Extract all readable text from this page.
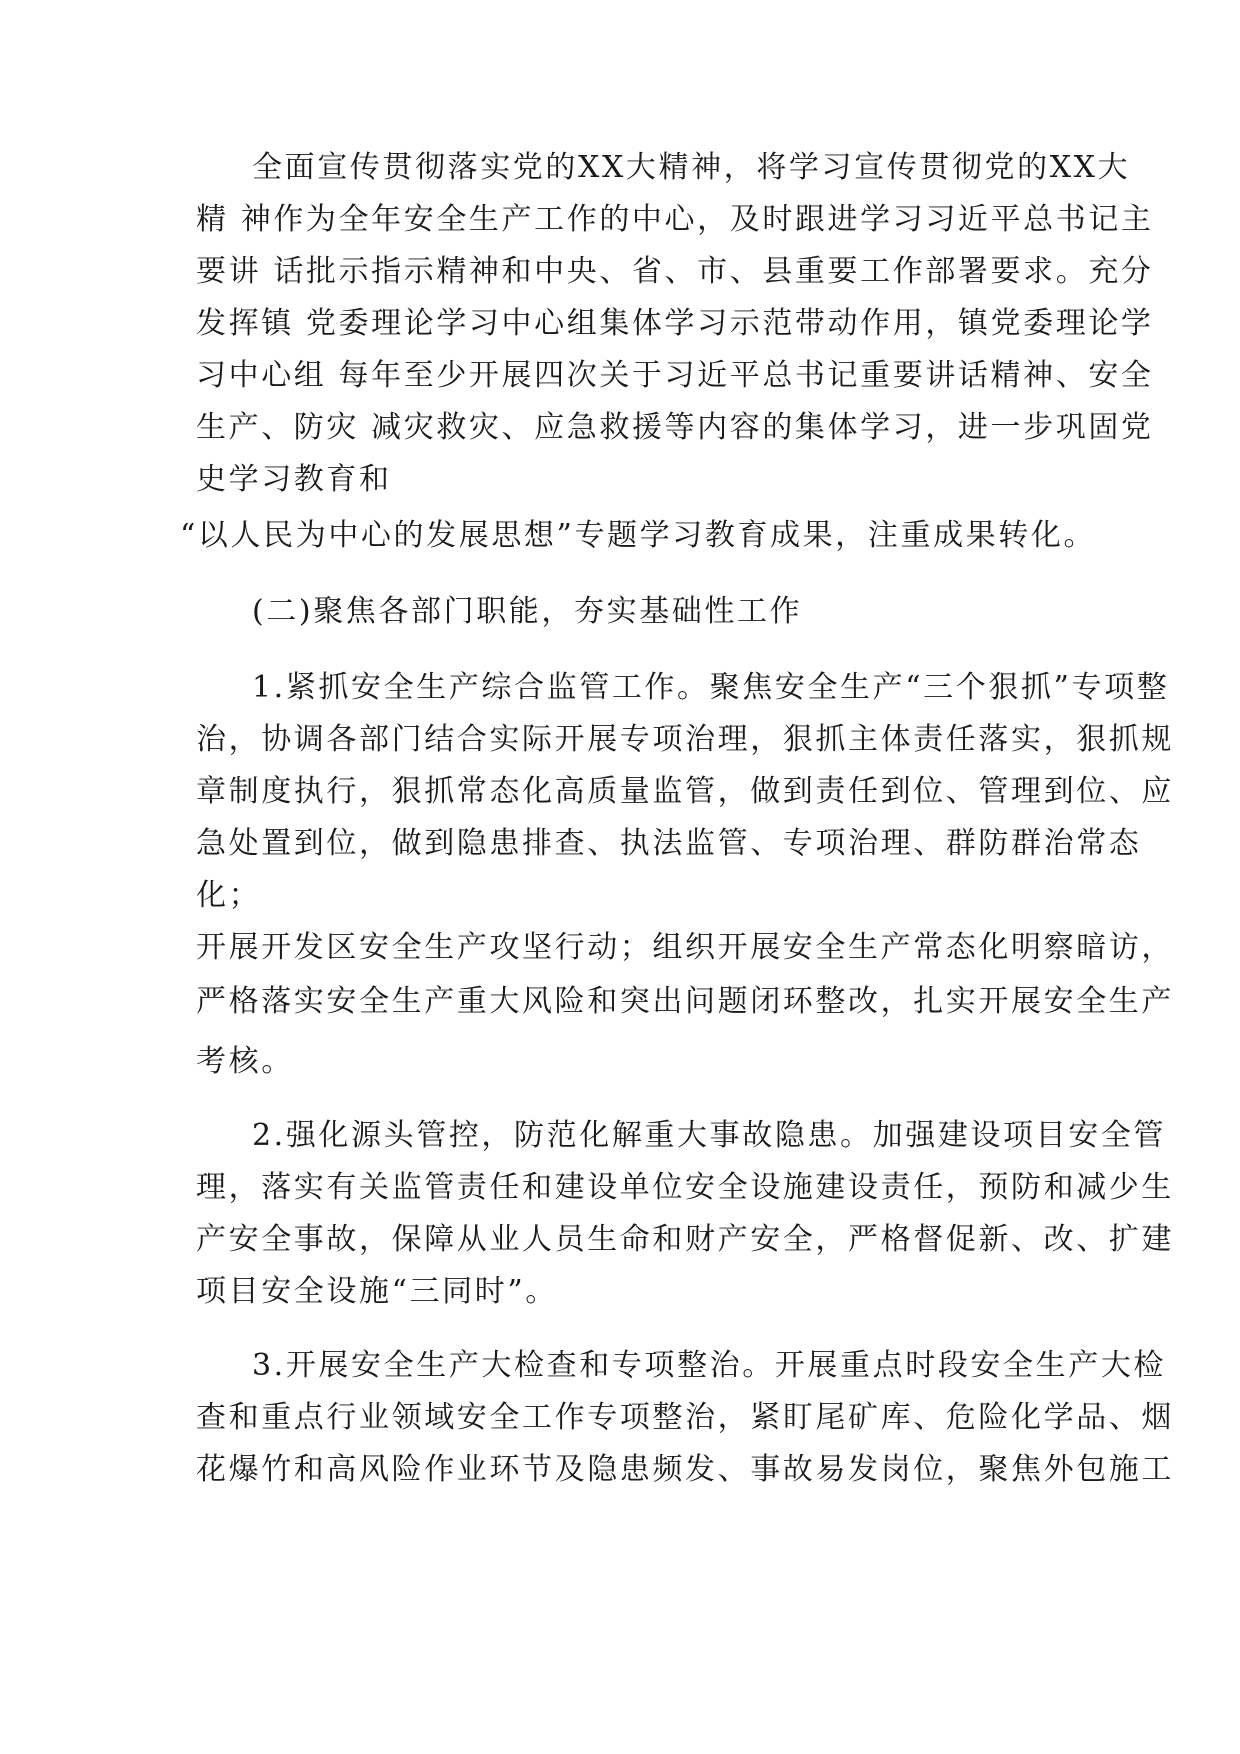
全面宣传贯彻落实党的XX大精神，将学习宣传贯彻党的XX大

精 神作为全年安全生产工作的中心，及时跟进学习习近平总书记主

要讲 话批示指示精神和中央、省、市、县重要工作部署要求。充分

发挥镇 党委理论学习中心组集体学习示范带动作用，镇党委理论学

习中心组 每年至少开展四次关于习近平总书记重要讲话精神、安全

生产、防灾 减灾救灾、应急救援等内容的集体学习，进一步巩固党

史学习教育和

“以人民为中心的发展思想”专题学习教育成果，注重成果转化。

(二)聚焦各部门职能，夯实基础性工作

1.紧抓安全生产综合监管工作。聚焦安全生产“三个狠抓”专项整

治，协调各部门结合实际开展专项治理，狠抓主体责任落实，狠抓规

章制度执行，狠抓常态化高质量监管，做到责任到位、管理到位、应

急处置到位，做到隐患排查、执法监管、专项治理、群防群治常态

化；

开展开发区安全生产攻坚行动；组织开展安全生产常态化明察暗访，

严格落实安全生产重大风险和突出问题闭环整改，扎实开展安全生产

考核。

2.强化源头管控，防范化解重大事故隐患。加强建设项目安全管

理，落实有关监管责任和建设单位安全设施建设责任，预防和减少生

产安全事故，保障从业人员生命和财产安全，严格督促新、改、扩建

项目安全设施“三同时”。

3.开展安全生产大检查和专项整治。开展重点时段安全生产大检

查和重点行业领域安全工作专项整治，紧盯尾矿库、危险化学品、烟

花爆竹和高风险作业环节及隐患频发、事故易发岗位，聚焦外包施工
